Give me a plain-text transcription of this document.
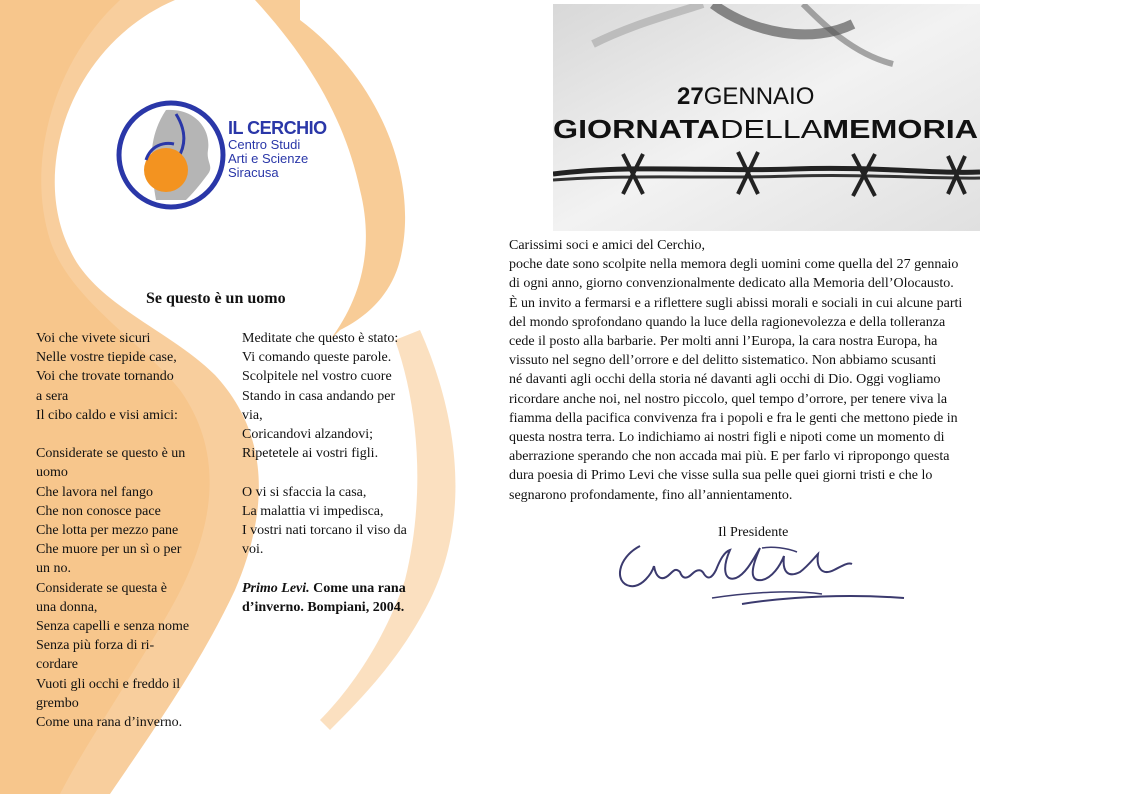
IL CERCHIO
Centro Studi
Arti e Scienze
Siracusa
Se questo è un uomo
Voi che vivete sicuri
Nelle vostre tiepide case,
Voi che trovate tornando
a sera
Il cibo caldo e visi amici:
Considerate se questo è un
uomo
Che lavora nel fango
Che non conosce pace
Che lotta per mezzo pane
Che muore per un sì o per
un no.
Considerate se questa è
una donna,
Senza capelli e senza nome
Senza più forza di ri-
cordare
Vuoti gli occhi e freddo il
grembo
Come una rana d’inverno.
Meditate che questo è stato:
Vi comando queste parole.
Scolpitele nel vostro cuore
Stando in casa andando per
via,
Coricandovi alzandovi;
Ripetetele ai vostri figli.
O vi si sfaccia la casa,
La malattia vi impedisca,
I vostri nati torcano il viso da
voi.
Primo Levi. Come una rana
d’inverno. Bompiani, 2004.
27GENNAIO
GIORNATA DELLA MEMORIA
Carissimi soci e amici del Cerchio,
poche date sono scolpite nella memora degli uomini come quella del 27 gennaio
di ogni anno, giorno convenzionalmente dedicato alla Memoria dell’Olocausto.
È un invito a fermarsi e a riflettere sugli abissi morali e sociali in cui alcune parti
del mondo sprofondano quando la luce della ragionevolezza e della tolleranza
cede il posto alla barbarie. Per molti anni l’Europa, la cara nostra Europa, ha
vissuto nel segno dell’orrore e del delitto sistematico. Non abbiamo scusanti
né davanti agli occhi della storia né davanti agli occhi di Dio. Oggi vogliamo
ricordare anche noi, nel nostro piccolo, quel tempo d’orrore, per tenere viva la
fiamma della pacifica convivenza fra i popoli e fra le genti che mettono piede in
questa nostra terra. Lo indichiamo ai nostri figli e nipoti come un momento di
aberrazione sperando che non accada mai più. E per farlo vi ripropongo questa
dura poesia di Primo Levi che visse sulla sua pelle quei giorni tristi e che lo
segnarono profondamente, fino all’annientamento.
Il Presidente
